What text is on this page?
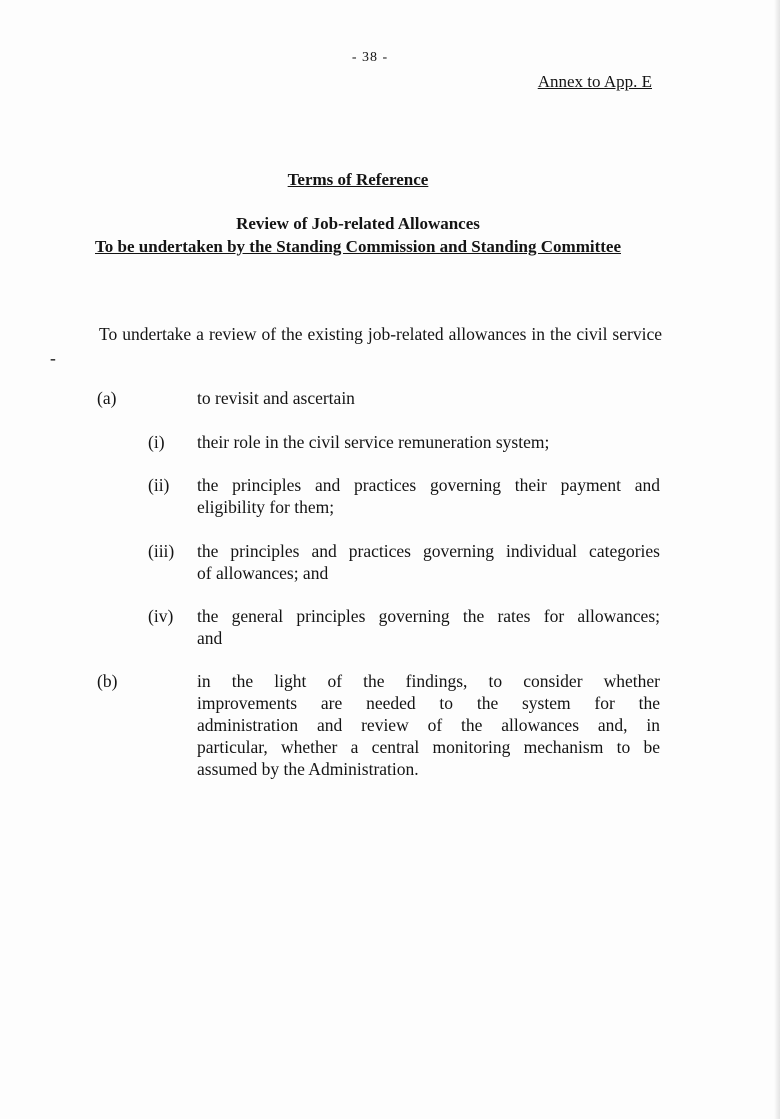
- 38 -
Annex to App. E
Terms of Reference
Review of Job-related Allowances
To be undertaken by the Standing Commission and Standing Committee
To undertake a review of the existing job-related allowances in the civil service -
(a)	to revisit and ascertain
(i) their role in the civil service remuneration system;
(ii) the principles and practices governing their payment and
eligibility for them;
(iii) the principles and practices governing individual categories
of allowances; and
(iv) the general principles governing the rates for allowances;
and
(b)	in the light of the findings, to consider whether
improvements are needed to the system for the
administration and review of the allowances and, in
particular, whether a central monitoring mechanism to be
assumed by the Administration.
